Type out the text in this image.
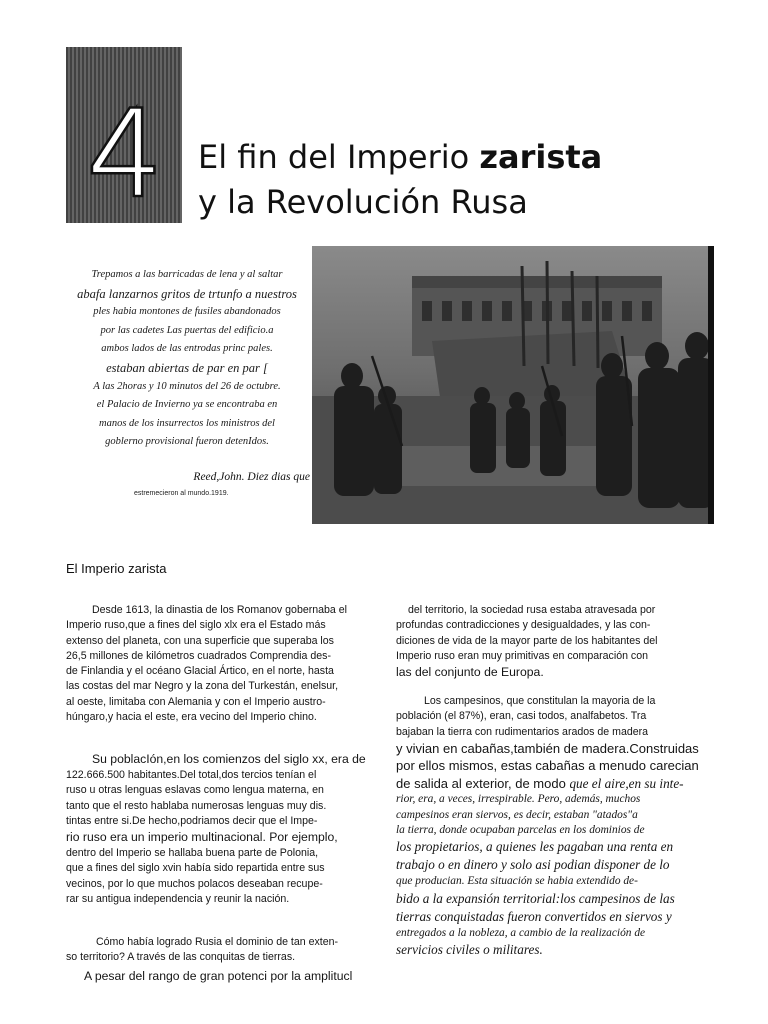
4	El fin del Imperio zarista
y la Revolución Rusa
Trepamos a las barricadas de lena y al saltar
abafa lanzarnos gritos de trtunfo a nuestros
ples habia montones de fusiles abandonados
por las cadetes Las puertas del edificio.a
ambos lados de las entrodas princ pales.
estaban abiertas de par en par [
A las 2horas y 10 minutos del 26 de octubre.
el Palacio de Invierno ya se encontraba en
manos de los insurrectos los ministros del
goblerno provisional fueron detenIdos.
Reed,John. Diez dias que
estremecieron al mundo.1919.
El Imperio zarista

Desde 1613, la dinastia de los Romanov gobernaba el

Imperio ruso,que a fines del siglo xlx era el Estado más

extenso del planeta, con una superficie que superaba los

26,5 millones de kilómetros cuadrados Comprendia des-

de Finlandia y el océano Glacial Ártico, en el norte, hasta

las costas del mar Negro y la zona del Turkestán, enelsur,

al oeste, limitaba con Alemania y con el Imperio austro-

húngaro,y hacia el este, era vecino del Imperio chino.

Su poblacIón,en los comienzos del siglo xx, era de

122.666.500 habitantes.Del total,dos tercios tenían el

ruso u otras lenguas eslavas como lengua materna, en

tanto que el resto hablaba numerosas lenguas muy dis.

tintas entre si.De hecho,podriamos decir que el Impe-

rio ruso era un imperio multinacional. Por ejemplo,

dentro del Imperio se hallaba buena parte de Polonia,

que a fines del siglo xvin había sido repartida entre sus

vecinos, por lo que muchos polacos deseaban recupe-

rar su antigua independencia y reunir la nación.

Cómo había logrado Rusia el dominio de tan exten-

so territorio? A través de las conquitas de tierras.

A pesar del rango de gran potenci por la amplitucl

del territorio, la sociedad rusa estaba atravesada por

profundas contradicciones y desigualdades, y las con-

diciones de vida de la mayor parte de los habitantes del

Imperio ruso eran muy primitivas en comparación con

las del conjunto de Europa.

Los campesinos, que constitulan la mayoria de la

población (el 87%), eran, casi todos, analfabetos. Tra

bajaban la tierra con rudimentarios arados de madera

y vivian en cabañas,también de madera.Construidas

por ellos mismos, estas cabañas a menudo carecian

de salida al exterior, de modo que el aire,en su inte-

rior, era, a veces, irrespirable. Pero, además, muchos

campesinos eran siervos, es decir, estaban "atados"a

la tierra, donde ocupaban parcelas en los dominios de

los propietarios, a quienes les pagaban una renta en

trabajo o en dinero y solo asi podian disponer de lo

que producian. Esta situación se habia extendido de-

bido a la expansión territorial:los campesinos de las

tierras conquistadas fueron convertidos en siervos y

entregados a la nobleza, a cambio de la realización de

servicios civiles o militares.
